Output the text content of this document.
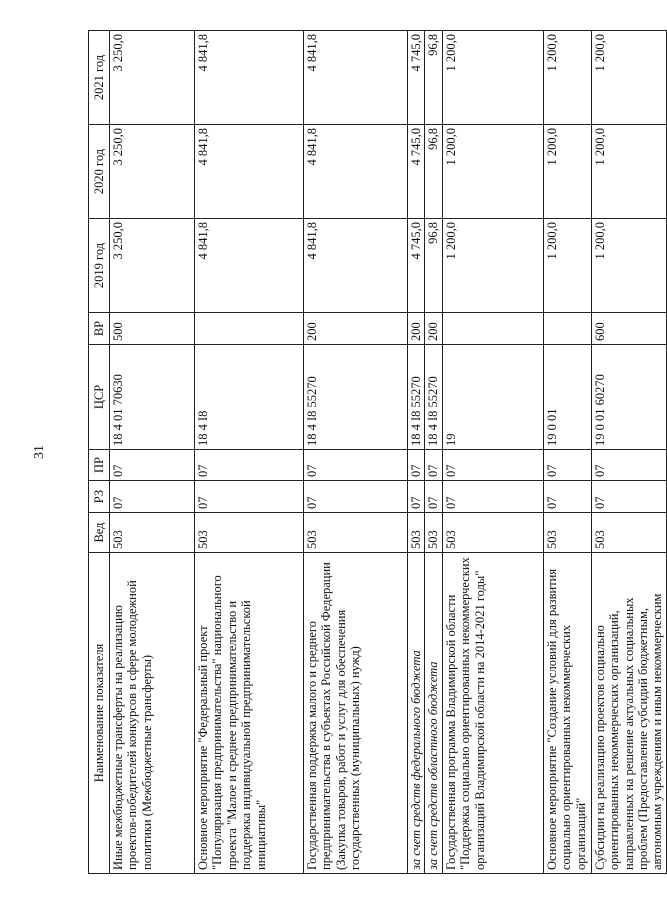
31
Наименование показателя	Вед	РЗ	ПР	ЦСР	ВР	2019 год	2020 год	2021 год
Иные межбюджетные трансферты на реализацию проектов-победителей конкурсов в сфере молодежной политики (Межбюджетные трансферты)	503	07	07	18 4 01 70630	500	3 250,0	3 250,0	3 250,0
Основное мероприятие "Федеральный проект "Популяризация предпринимательства" национального проекта "Малое и среднее предпринимательство и поддержка индивидуальной предпринимательской инициативы"	503	07	07	18 4 I8		4 841,8	4 841,8	4 841,8
Государственная поддержка малого и среднего предпринимательства в субъектах Российской Федерации (Закупка товаров, работ и услуг для обеспечения государственных (муниципальных) нужд)	503	07	07	18 4 I8 55270	200	4 841,8	4 841,8	4 841,8
за счет средств федерального бюджета	503	07	07	18 4 I8 55270	200	4 745,0	4 745,0	4 745,0
за счет средств областного бюджета	503	07	07	18 4 I8 55270	200	96,8	96,8	96,8
Государственная программа Владимирской области "Поддержка социально ориентированных некоммерческих организаций Владимирской области на 2014-2021 годы"	503	07	07	19		1 200,0	1 200,0	1 200,0
Основное мероприятие "Создание условий для развития социально ориентированных некоммерческих организаций"	503	07	07	19 0 01		1 200,0	1 200,0	1 200,0
Субсидии на реализацию проектов социально ориентированных некоммерческих организаций, направленных на решение актуальных социальных проблем (Предоставление субсидий бюджетным, автономным учреждениям и иным некоммерческим	503	07	07	19 0 01 60270	600	1 200,0	1 200,0	1 200,0
